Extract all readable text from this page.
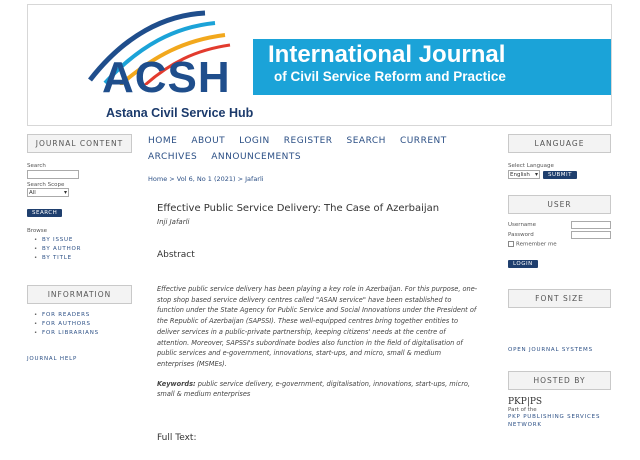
ACSH
Astana Civil Service Hub
International Journal
of Civil Service Reform and Practice
JOURNAL CONTENT
Search
Search Scope
All ▾
SEARCH
Browse
• BY ISSUE
• BY AUTHOR
• BY TITLE
INFORMATION
• FOR READERS
• FOR AUTHORS
• FOR LIBRARIANS
JOURNAL HELP
HOME ABOUT LOGIN REGISTER SEARCH CURRENT
ARCHIVES ANNOUNCEMENTS
Home > Vol 6, No 1 (2021) > Jafarli
Effective Public Service Delivery: The Case of Azerbaijan
Inji Jafarli
Abstract
Effective public service delivery has been playing a key role in Azerbaijan. For this purpose, one-stop shop based service delivery centres called "ASAN service" have been established to function under the State Agency for Public Service and Social Innovations under the President of the Republic of Azerbaijan (SAPSSI). These well-equipped centres bring together entities to deliver services in a public-private partnership, keeping citizens' needs at the centre of attention. Moreover, SAPSSI's subordinate bodies also function in the field of digitalisation of public services and e-government, innovations, start-ups, and micro, small & medium enterprises (MSMEs).
Keywords: public service delivery, e-government, digitalisation, innovations, start-ups, micro, small & medium enterprises
Full Text:
LANGUAGE
Select Language
English ▾	SUBMIT
USER
Username
Password
Remember me
LOGIN
FONT SIZE
OPEN JOURNAL SYSTEMS
HOSTED BY
PKP|PS
Part of the
PKP PUBLISHING SERVICES NETWORK
